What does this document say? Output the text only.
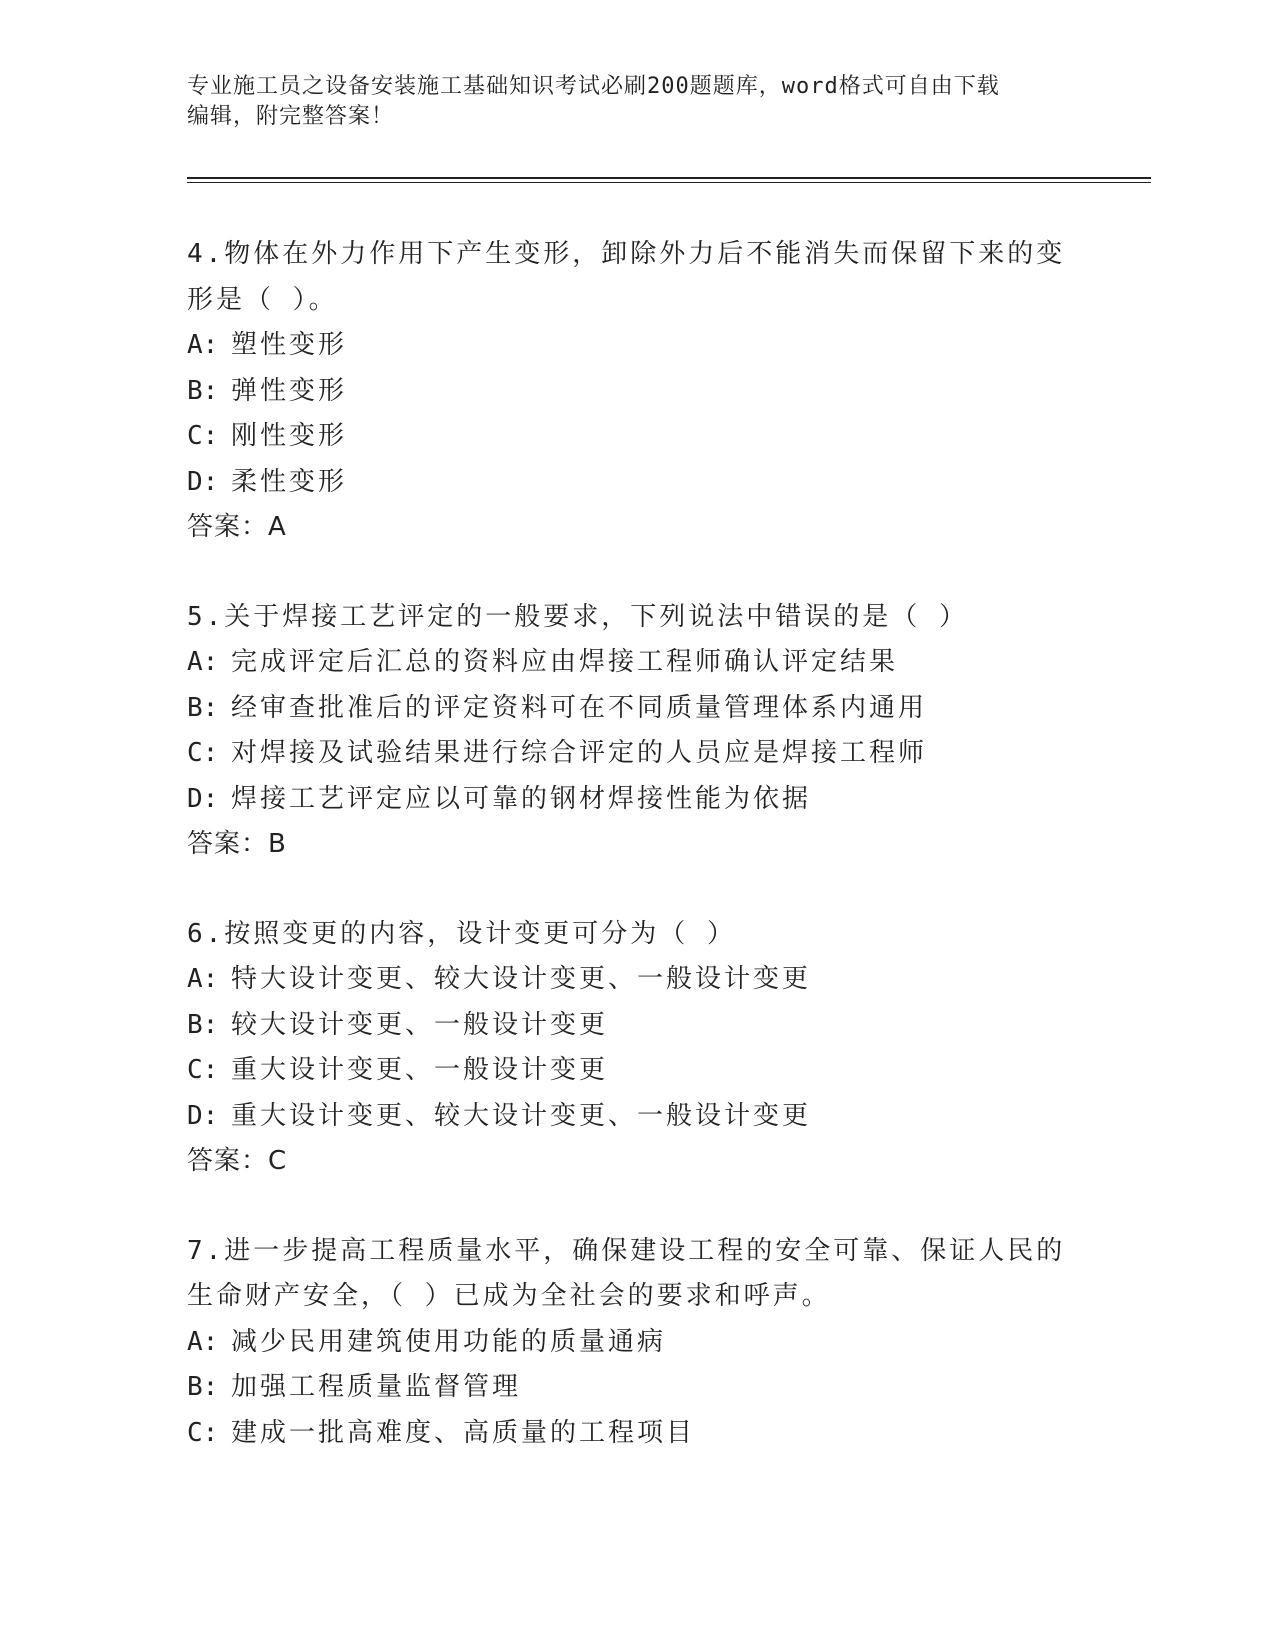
专业施工员之设备安装施工基础知识考试必刷200题题库，word格式可自由下载
编辑，附完整答案！
4.物体在外力作用下产生变形，卸除外力后不能消失而保留下来的变
形是（ ）。
A: 塑性变形
B: 弹性变形
C: 刚性变形
D: 柔性变形
答案：A
5.关于焊接工艺评定的一般要求，下列说法中错误的是（ ）
A: 完成评定后汇总的资料应由焊接工程师确认评定结果
B: 经审查批准后的评定资料可在不同质量管理体系内通用
C: 对焊接及试验结果进行综合评定的人员应是焊接工程师
D: 焊接工艺评定应以可靠的钢材焊接性能为依据
答案：B
6.按照变更的内容，设计变更可分为（ ）
A: 特大设计变更、较大设计变更、一般设计变更
B: 较大设计变更、一般设计变更
C: 重大设计变更、一般设计变更
D: 重大设计变更、较大设计变更、一般设计变更
答案：C
7.进一步提高工程质量水平，确保建设工程的安全可靠、保证人民的
生命财产安全，（ ）已成为全社会的要求和呼声。
A: 减少民用建筑使用功能的质量通病
B: 加强工程质量监督管理
C: 建成一批高难度、高质量的工程项目
